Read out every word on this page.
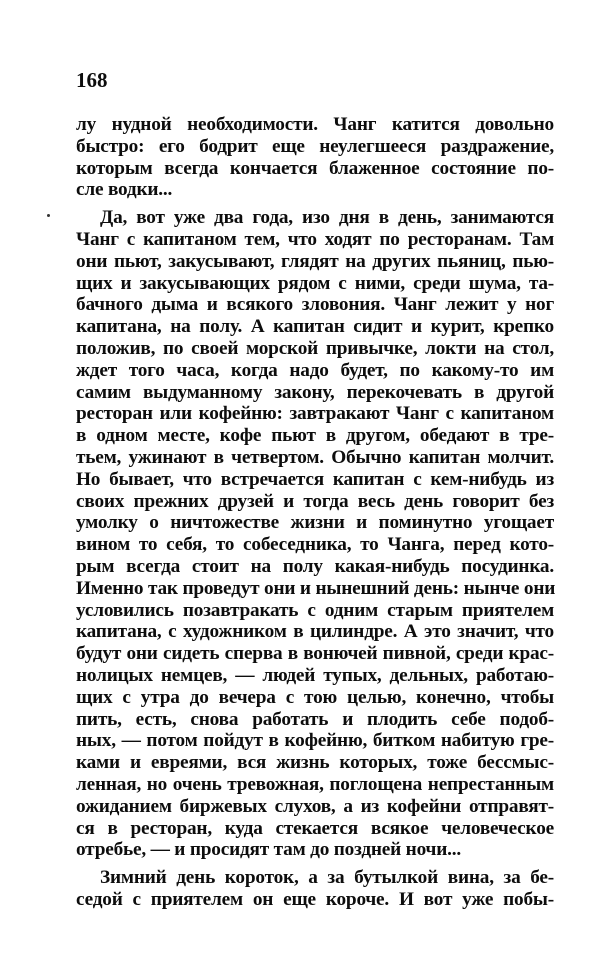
168
лу нудной необходимости. Чанг катится довольно
быстро: его бодрит еще неулегшееся раздражение,
которым всегда кончается блаженное состояние по-
сле водки...
Да, вот уже два года, изо дня в день, занимаются
Чанг с капитаном тем, что ходят по ресторанам. Там
они пьют, закусывают, глядят на других пьяниц, пью-
щих и закусывающих рядом с ними, среди шума, та-
бачного дыма и всякого зловония. Чанг лежит у ног
капитана, на полу. А капитан сидит и курит, крепко
положив, по своей морской привычке, локти на стол,
ждет того часа, когда надо будет, по какому-то им
самим выдуманному закону, перекочевать в другой
ресторан или кофейню: завтракают Чанг с капитаном
в одном месте, кофе пьют в другом, обедают в тре-
тьем, ужинают в четвертом. Обычно капитан молчит.
Но бывает, что встречается капитан с кем-нибудь из
своих прежних друзей и тогда весь день говорит без
умолку о ничтожестве жизни и поминутно угощает
вином то себя, то собеседника, то Чанга, перед кото-
рым всегда стоит на полу какая-нибудь посудинка.
Именно так проведут они и нынешний день: нынче они
условились позавтракать с одним старым приятелем
капитана, с художником в цилиндре. А это значит, что
будут они сидеть сперва в вонючей пивной, среди крас-
нолицых немцев, — людей тупых, дельных, работаю-
щих с утра до вечера с тою целью, конечно, чтобы
пить, есть, снова работать и плодить себе подоб-
ных, — потом пойдут в кофейню, битком набитую гре-
ками и евреями, вся жизнь которых, тоже бессмыс-
ленная, но очень тревожная, поглощена непрестанным
ожиданием биржевых слухов, а из кофейни отправят-
ся в ресторан, куда стекается всякое человеческое
отребье, — и просидят там до поздней ночи...
Зимний день короток, а за бутылкой вина, за бе-
седой с приятелем он еще короче. И вот уже побы-
